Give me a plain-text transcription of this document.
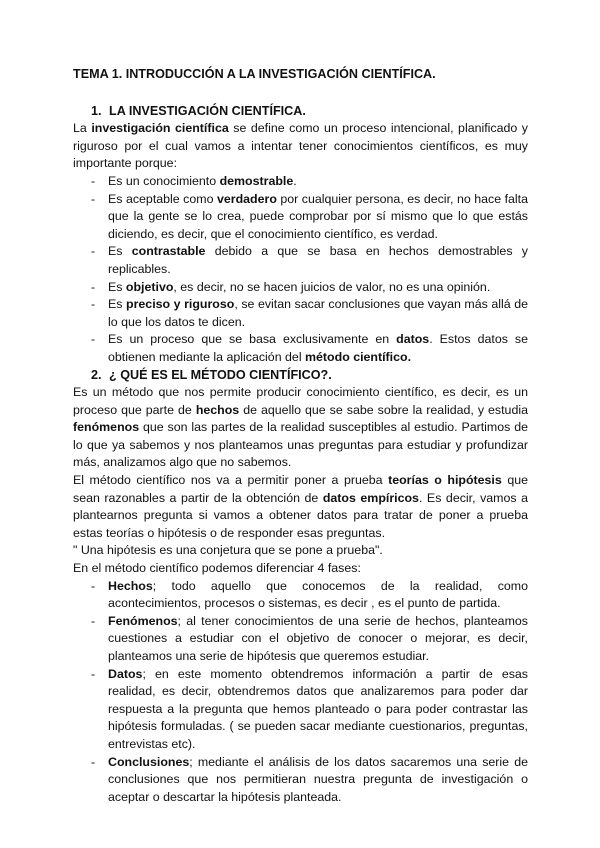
TEMA 1. INTRODUCCIÓN A LA INVESTIGACIÓN CIENTÍFICA.
1. LA INVESTIGACIÓN CIENTÍFICA.

La investigación científica se define como un proceso intencional, planificado y riguroso por el cual vamos a intentar tener conocimientos científicos, es muy importante porque:

- Es un conocimiento demostrable.
- Es aceptable como verdadero por cualquier persona, es decir, no hace falta que la gente se lo crea, puede comprobar por sí mismo que lo que estás diciendo, es decir, que el conocimiento científico, es verdad.
- Es contrastable debido a que se basa en hechos demostrables y replicables.
- Es objetivo, es decir, no se hacen juicios de valor, no es una opinión.
- Es preciso y riguroso, se evitan sacar conclusiones que vayan más allá de lo que los datos te dicen.
- Es un proceso que se basa exclusivamente en datos. Estos datos se obtienen mediante la aplicación del método científico.
2. ¿ QUÉ ES EL MÉTODO CIENTÍFICO?.

Es un método que nos permite producir conocimiento científico, es decir, es un proceso que parte de hechos de aquello que se sabe sobre la realidad, y estudia fenómenos que son las partes de la realidad susceptibles al estudio. Partimos de lo que ya sabemos y nos planteamos unas preguntas para estudiar y profundizar más, analizamos algo que no sabemos.

El método científico nos va a permitir poner a prueba teorías o hipótesis que sean razonables a partir de la obtención de datos empíricos. Es decir, vamos a plantearnos pregunta si vamos a obtener datos para tratar de poner a prueba estas teorías o hipótesis o de responder esas preguntas.

" Una hipótesis es una conjetura que se pone a prueba".

En el método científico podemos diferenciar 4 fases:

- Hechos; todo aquello que conocemos de la realidad, como acontecimientos, procesos o sistemas, es decir , es el punto de partida.
- Fenómenos; al tener conocimientos de una serie de hechos, planteamos cuestiones a estudiar con el objetivo de conocer o mejorar, es decir, planteamos una serie de hipótesis que queremos estudiar.
- Datos; en este momento obtendremos información a partir de esas realidad, es decir, obtendremos datos que analizaremos para poder dar respuesta a la pregunta que hemos planteado o para poder contrastar las hipótesis formuladas. ( se pueden sacar mediante cuestionarios, preguntas, entrevistas etc).
- Conclusiones; mediante el análisis de los datos sacaremos una serie de conclusiones que nos permitieran nuestra pregunta de investigación o aceptar o descartar la hipótesis planteada.
